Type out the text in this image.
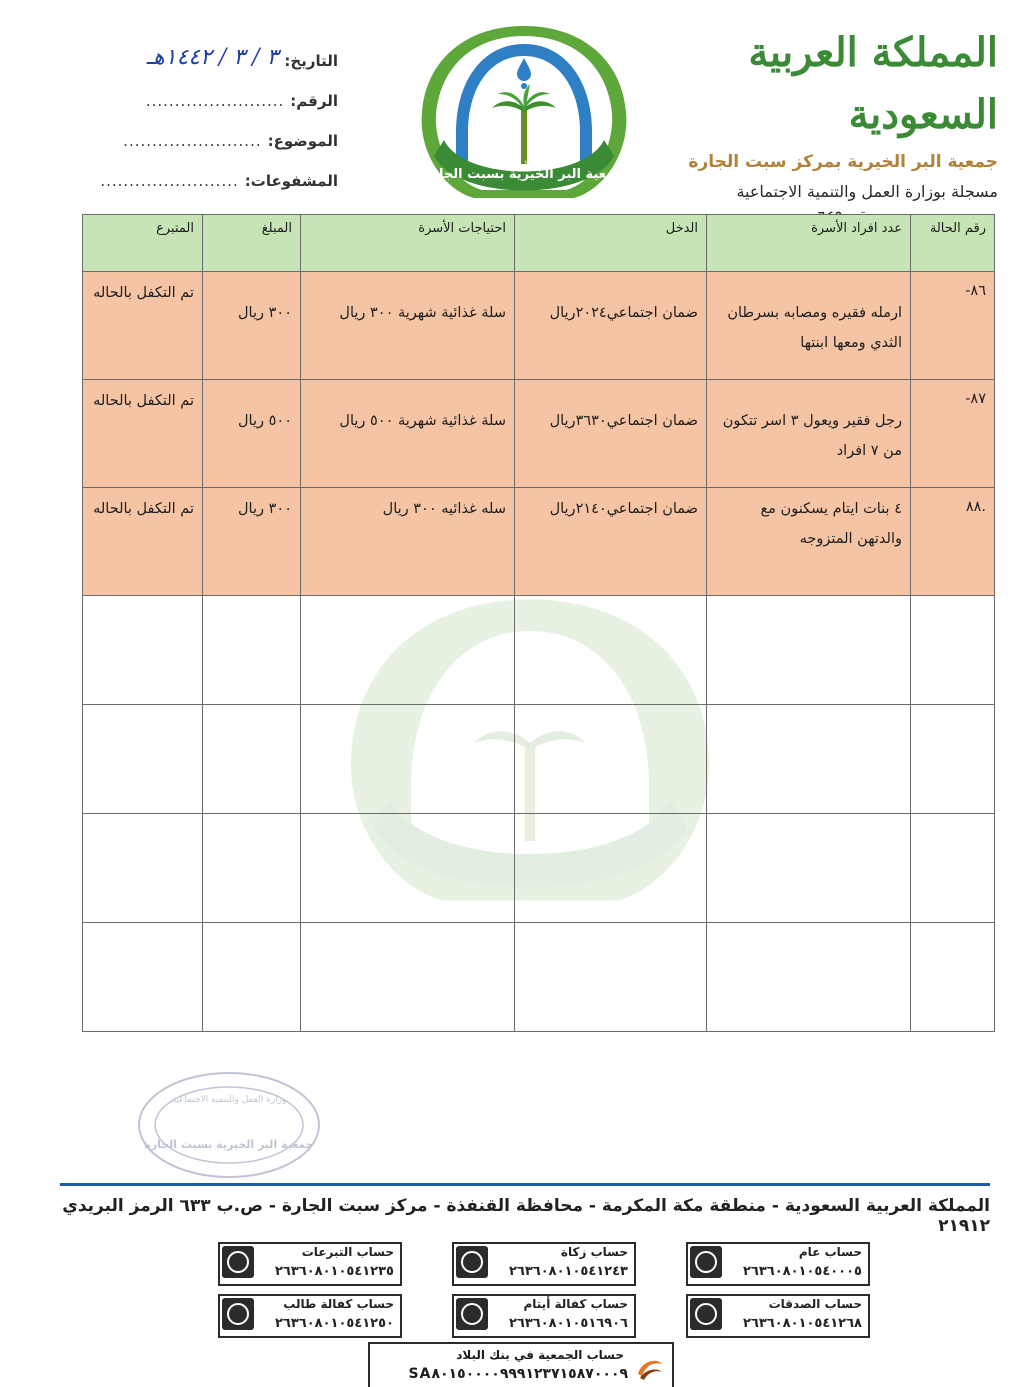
المملكة العربية السعودية
جمعية البر الخيرية بمركز سبت الجارة
مسجلة بوزارة العمل والتنمية الاجتماعية
جمعية البر الخيرية بسبت الجارة
تكافل وإخاء
التاريخ:
٣ / ٣ / ١٤٤٢هـ
الرقم:
........................
الموضوع:
........................
المشفوعات:
........................
رقم الحالة	عدد افراد الأسرة	الدخل	احتياجات الأسرة	المبلغ	المتبرع
٨٦-	ارمله فقيره ومصابه بسرطان الثدي ومعها ابنتها	ضمان اجتماعي٢٠٢٤ريال	سلة غذائية شهرية ٣٠٠ ريال	٣٠٠ ريال	تم التكفل بالحاله
٨٧-	رجل فقير ويعول ٣ اسر تتكون من ٧ افراد	ضمان اجتماعي٣٦٣٠ريال	سلة غذائية شهرية ٥٠٠ ريال	٥٠٠ ريال	تم التكفل بالحاله
.٨٨	٤ بنات ايتام يسكنون مع والدتهن المتزوجه	ضمان اجتماعي٢١٤٠ريال	سله غذائيه ٣٠٠ ريال	٣٠٠ ريال	تم التكفل بالحاله

وزارة العمل والتنمية الاجتماعية
جمعية البر الخيرية بسبت الجارة
المملكة العربية السعودية - منطقة مكة المكرمة - محافظة القنفذة - مركز سبت الجارة - ص.ب ٦٣٣ الرمز البريدي ٢١٩١٢
حساب عام
٢٦٣٦٠٨٠١٠٥٤٠٠٠٥
حساب زكاة
٢٦٣٦٠٨٠١٠٥٤١٢٤٣
حساب التبرعات
٢٦٣٦٠٨٠١٠٥٤١٢٣٥
حساب الصدقات
٢٦٣٦٠٨٠١٠٥٤١٢٦٨
حساب كفالة أيتام
٢٦٣٦٠٨٠١٠٥١٦٩٠٦
حساب كفالة طالب
٢٦٣٦٠٨٠١٠٥٤١٢٥٠
حساب الجمعية في بنك البلاد
SA٨٠١٥٠٠٠٠٩٩٩١٢٣٧١٥٨٧٠٠٠٩
